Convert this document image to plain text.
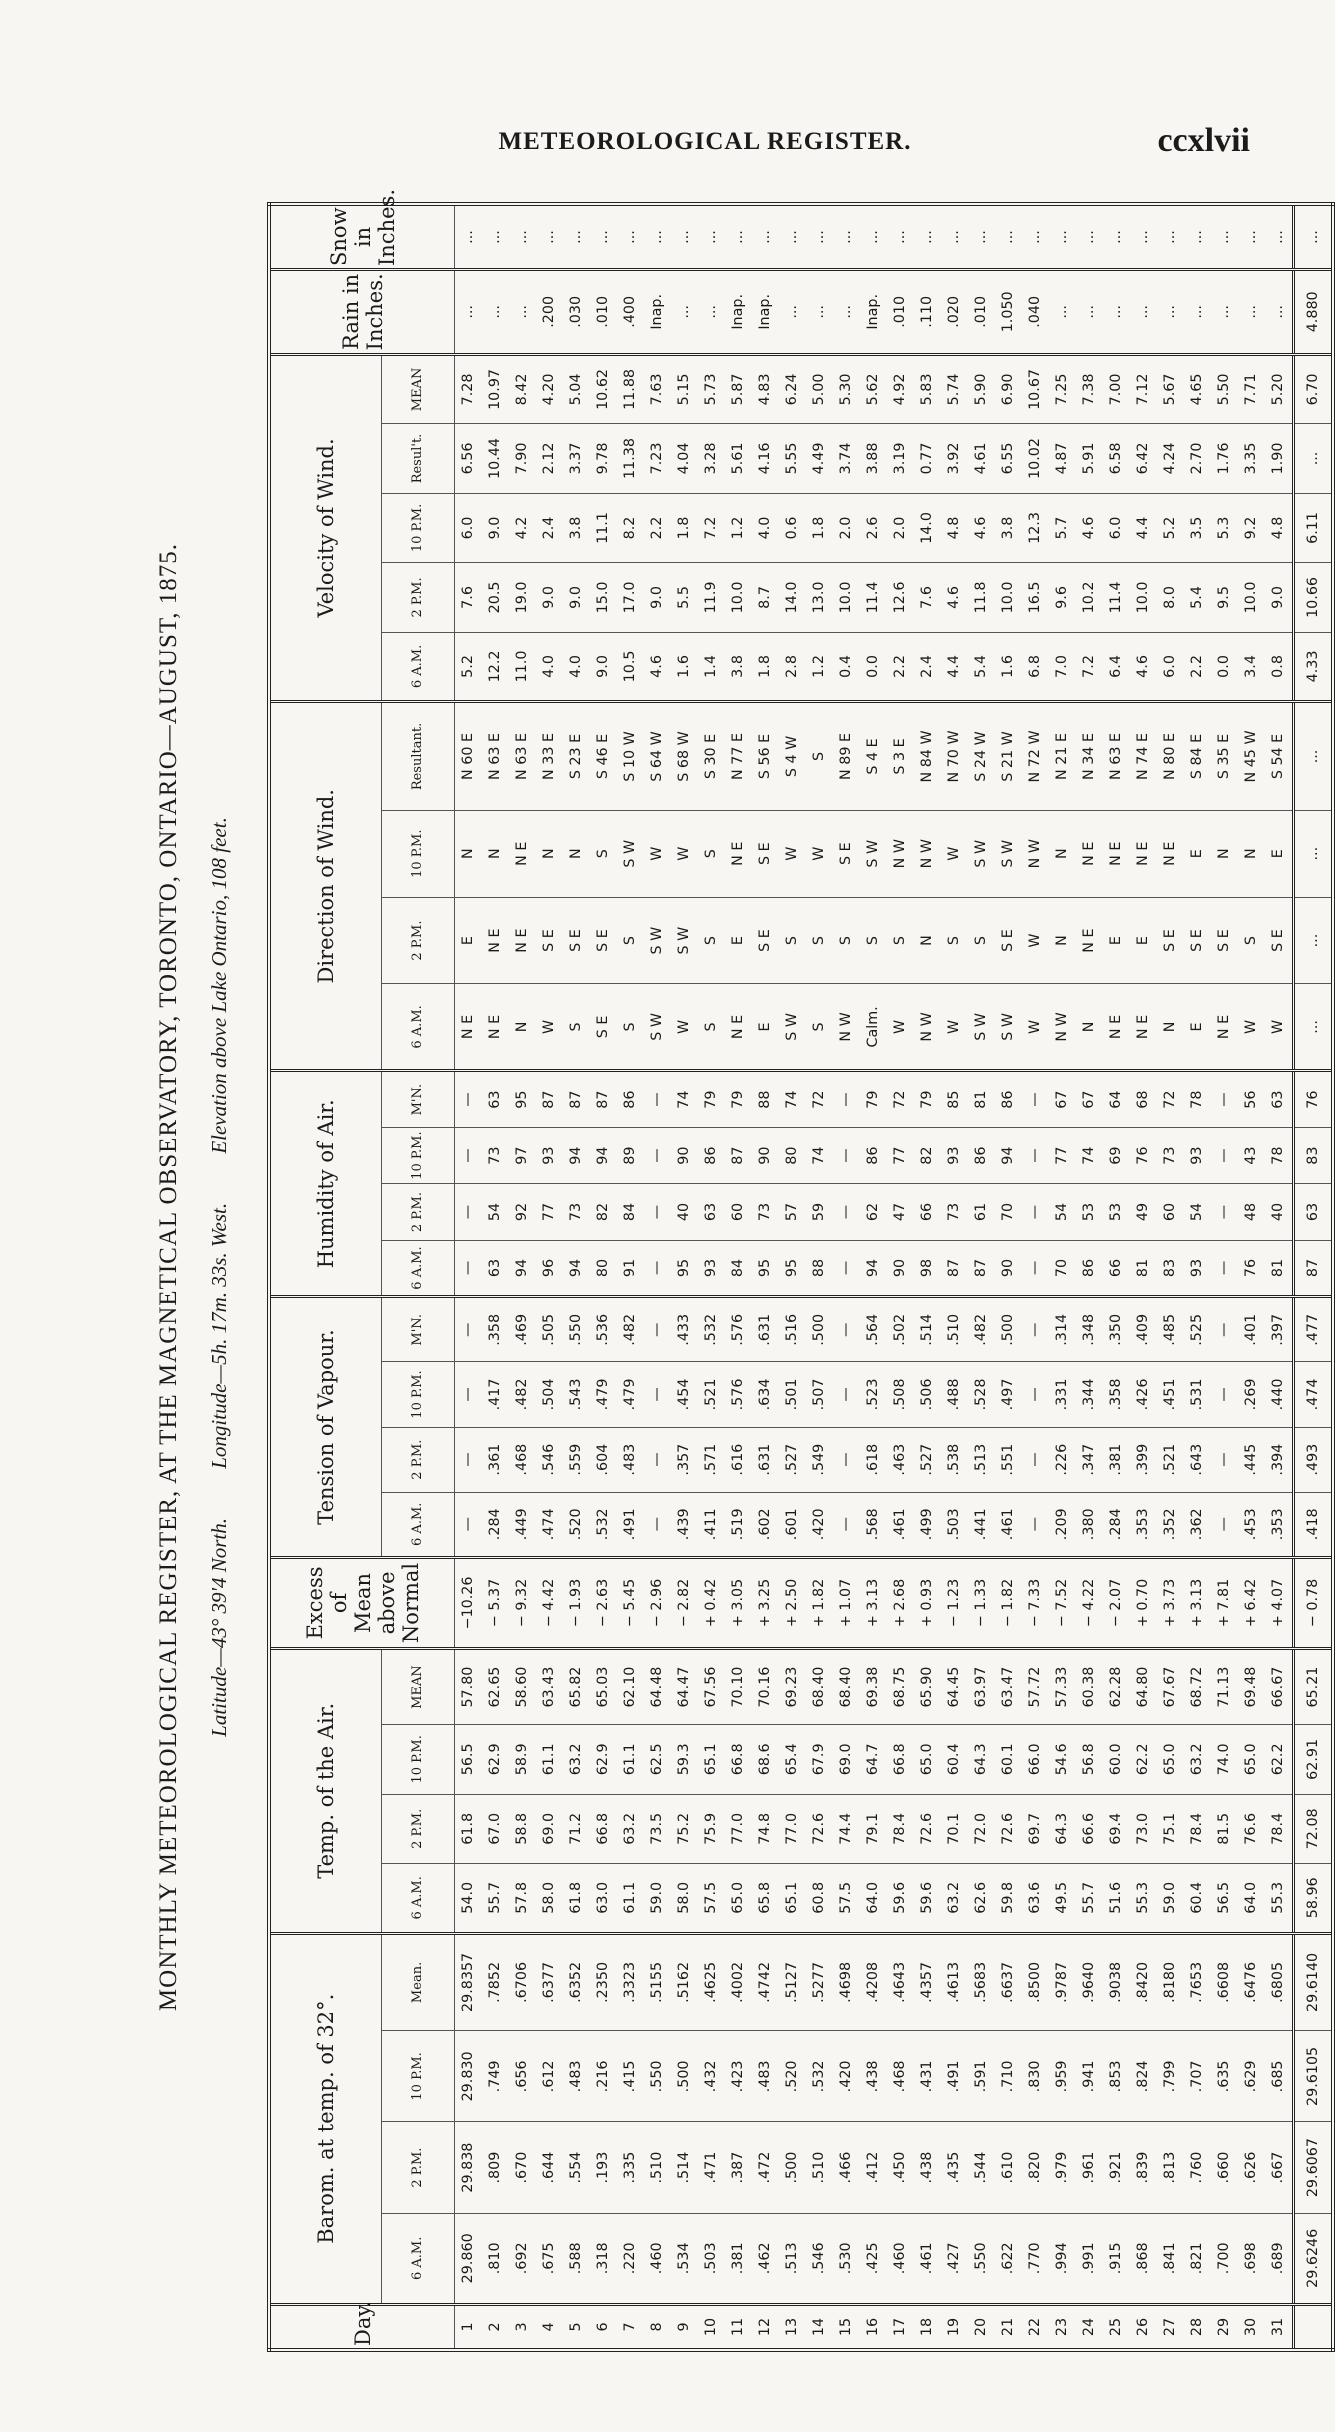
METEOROLOGICAL REGISTER.	ccxlvii
MONTHLY METEOROLOGICAL REGISTER, AT THE MAGNETICAL OBSERVATORY, TORONTO, ONTARIO—AUGUST, 1875. Latitude—43° 39'4 North. Longitude—5h. 17m. 33s. West. Elevation above Lake Ontario, 108 feet.
Day.	Barom. at temp. of 32°.				Temp. of the Air.				Excess of Mean above Normal	Tension of Vapour.				Humidity of Air.				Direction of Wind.				Velocity of Wind.					Rain in Inches.	Snow in Inches.
	6 A.M.	2 P.M.	10 P.M.	Mean.	6 A.M.	2 P.M.	10 P.M.	MEAN		6 A.M.	2 P.M.	10 P.M.	M'N.	6 A.M.	2 P.M.	10 P.M.	M'N.	6 A.M.	2 P.M.	10 P.M.	Resultant.	6 A.M.	2 P.M.	10 P.M.	Resul't.	MEAN		
1	29.860	29.838	29.830	29.8357	54.0	61.8	56.5	57.80	−10.26	—	—	—	—	—	—	—	—	N E	E	N	N 60 E	5.2	7.6	6.0	6.56	7.28	...	...
2	.810	.809	.749	.7852	55.7	67.0	62.9	62.65	− 5.37	.284	.361	.417	.358	63	54	73	63	N E	N E	N	N 63 E	12.2	20.5	9.0	10.44	10.97	...	...
3	.692	.670	.656	.6706	57.8	58.8	58.9	58.60	− 9.32	.449	.468	.482	.469	94	92	97	95	N	N E	N E	N 63 E	11.0	19.0	4.2	7.90	8.42	...	...
4	.675	.644	.612	.6377	58.0	69.0	61.1	63.43	− 4.42	.474	.546	.504	.505	96	77	93	87	W	S E	N	N 33 E	4.0	9.0	2.4	2.12	4.20	.200	...
5	.588	.554	.483	.6352	61.8	71.2	63.2	65.82	− 1.93	.520	.559	.543	.550	94	73	94	87	S	S E	N	S 23 E	4.0	9.0	3.8	3.37	5.04	.030	...
6	.318	.193	.216	.2350	63.0	66.8	62.9	65.03	− 2.63	.532	.604	.479	.536	80	82	94	87	S E	S E	S	S 46 E	9.0	15.0	11.1	9.78	10.62	.010	...
7	.220	.335	.415	.3323	61.1	63.2	61.1	62.10	− 5.45	.491	.483	.479	.482	91	84	89	86	S	S	S W	S 10 W	10.5	17.0	8.2	11.38	11.88	.400	...
8	.460	.510	.550	.5155	59.0	73.5	62.5	64.48	− 2.96	—	—	—	—	—	—	—	—	S W	S W	W	S 64 W	4.6	9.0	2.2	7.23	7.63	Inap.	...
9	.534	.514	.500	.5162	58.0	75.2	59.3	64.47	− 2.82	.439	.357	.454	.433	95	40	90	74	W	S W	W	S 68 W	1.6	5.5	1.8	4.04	5.15	...	...
10	.503	.471	.432	.4625	57.5	75.9	65.1	67.56	+ 0.42	.411	.571	.521	.532	93	63	86	79	S	S	S	S 30 E	1.4	11.9	7.2	3.28	5.73	...	...
11	.381	.387	.423	.4002	65.0	77.0	66.8	70.10	+ 3.05	.519	.616	.576	.576	84	60	87	79	N E	E	N E	N 77 E	3.8	10.0	1.2	5.61	5.87	Inap.	...
12	.462	.472	.483	.4742	65.8	74.8	68.6	70.16	+ 3.25	.602	.631	.634	.631	95	73	90	88	E	S E	S E	S 56 E	1.8	8.7	4.0	4.16	4.83	Inap.	...
13	.513	.500	.520	.5127	65.1	77.0	65.4	69.23	+ 2.50	.601	.527	.501	.516	95	57	80	74	S W	S	W	S 4 W	2.8	14.0	0.6	5.55	6.24	...	...
14	.546	.510	.532	.5277	60.8	72.6	67.9	68.40	+ 1.82	.420	.549	.507	.500	88	59	74	72	S	S	W	S	1.2	13.0	1.8	4.49	5.00	...	...
15	.530	.466	.420	.4698	57.5	74.4	69.0	68.40	+ 1.07	—	—	—	—	—	—	—	—	N W	S	S E	N 89 E	0.4	10.0	2.0	3.74	5.30	...	...
16	.425	.412	.438	.4208	64.0	79.1	64.7	69.38	+ 3.13	.568	.618	.523	.564	94	62	86	79	Calm.	S	S W	S 4 E	0.0	11.4	2.6	3.88	5.62	Inap.	...
17	.460	.450	.468	.4643	59.6	78.4	66.8	68.75	+ 2.68	.461	.463	.508	.502	90	47	77	72	W	S	N W	S 3 E	2.2	12.6	2.0	3.19	4.92	.010	...
18	.461	.438	.431	.4357	59.6	72.6	65.0	65.90	+ 0.93	.499	.527	.506	.514	98	66	82	79	N W	N	N W	N 84 W	2.4	7.6	14.0	0.77	5.83	.110	...
19	.427	.435	.491	.4613	63.2	70.1	60.4	64.45	− 1.23	.503	.538	.488	.510	87	73	93	85	W	S	W	N 70 W	4.4	4.6	4.8	3.92	5.74	.020	...
20	.550	.544	.591	.5683	62.6	72.0	64.3	63.97	− 1.33	.441	.513	.528	.482	87	61	86	81	S W	S	S W	S 24 W	5.4	11.8	4.6	4.61	5.90	.010	...
21	.622	.610	.710	.6637	59.8	72.6	60.1	63.47	− 1.82	.461	.551	.497	.500	90	70	94	86	S W	S E	S W	S 21 W	1.6	10.0	3.8	6.55	6.90	1.050	...
22	.770	.820	.830	.8500	63.6	69.7	66.0	57.72	− 7.33	—	—	—	—	—	—	—	—	W	W	N W	N 72 W	6.8	16.5	12.3	10.02	10.67	.040	...
23	.994	.979	.959	.9787	49.5	64.3	54.6	57.33	− 7.52	.209	.226	.331	.314	70	54	77	67	N W	N	N	N 21 E	7.0	9.6	5.7	4.87	7.25	...	...
24	.991	.961	.941	.9640	55.7	66.6	56.8	60.38	− 4.22	.380	.347	.344	.348	86	53	74	67	N	N E	N E	N 34 E	7.2	10.2	4.6	5.91	7.38	...	...
25	.915	.921	.853	.9038	51.6	69.4	60.0	62.28	− 2.07	.284	.381	.358	.350	66	53	69	64	N E	E	N E	N 63 E	6.4	11.4	6.0	6.58	7.00	...	...
26	.868	.839	.824	.8420	55.3	73.0	62.2	64.80	+ 0.70	.353	.399	.426	.409	81	49	76	68	N E	E	N E	N 74 E	4.6	10.0	4.4	6.42	7.12	...	...
27	.841	.813	.799	.8180	59.0	75.1	65.0	67.67	+ 3.73	.352	.521	.451	.485	83	60	73	72	N	S E	N E	N 80 E	6.0	8.0	5.2	4.24	5.67	...	...
28	.821	.760	.707	.7653	60.4	78.4	63.2	68.72	+ 3.13	.362	.643	.531	.525	93	54	93	78	E	S E	E	S 84 E	2.2	5.4	3.5	2.70	4.65	...	...
29	.700	.660	.635	.6608	56.5	81.5	74.0	71.13	+ 7.81	—	—	—	—	—	—	—	—	N E	S E	N	S 35 E	0.0	9.5	5.3	1.76	5.50	...	...
30	.698	.626	.629	.6476	64.0	76.6	65.0	69.48	+ 6.42	.453	.445	.269	.401	76	48	43	56	W	S	N	N 45 W	3.4	10.0	9.2	3.35	7.71	...	...
31	.689	.667	.685	.6805	55.3	78.4	62.2	66.67	+ 4.07	.353	.394	.440	.397	81	40	78	63	W	S E	E	S 54 E	0.8	9.0	4.8	1.90	5.20	...	...
	29.6246	29.6067	29.6105	29.6140	58.96	72.08	62.91	65.21	− 0.78	.418	.493	.474	.477	87	63	83	76	...	...	...	...	4.33	10.66	6.11	...	6.70	4.880	...
